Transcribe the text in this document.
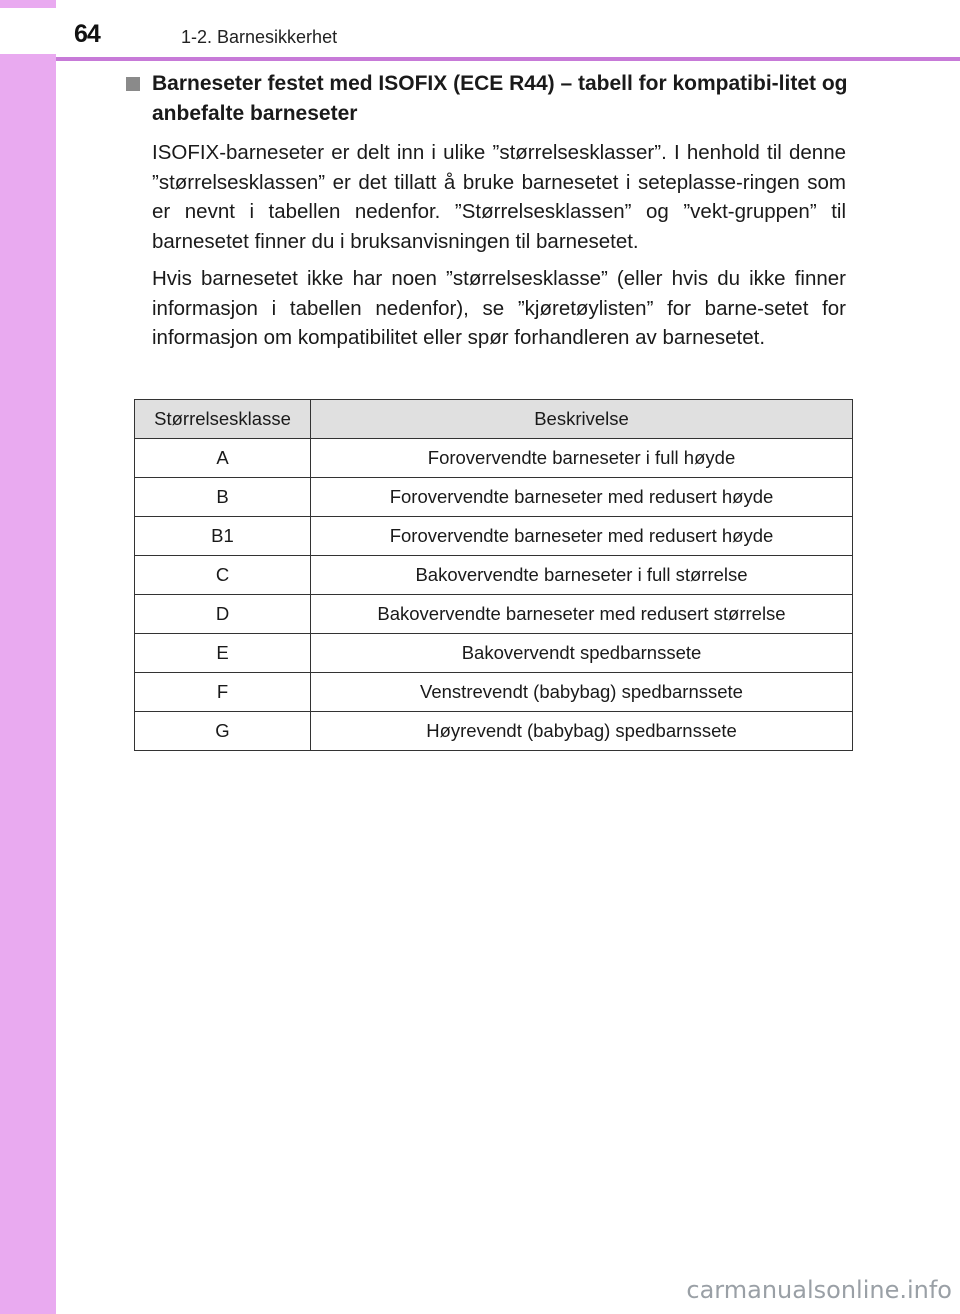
64	1-2. Barnesikkerhet
Barneseter festet med ISOFIX (ECE R44) – tabell for kompatibi-litet og anbefalte barneseter

ISOFIX-barneseter er delt inn i ulike ”størrelsesklasser”. I henhold til denne ”størrelsesklassen” er det tillatt å bruke barnesetet i seteplasse-ringen som er nevnt i tabellen nedenfor. ”Størrelsesklassen” og ”vekt-gruppen” til barnesetet finner du i bruksanvisningen til barnesetet.

Hvis barnesetet ikke har noen ”størrelsesklasse” (eller hvis du ikke finner informasjon i tabellen nedenfor), se ”kjøretøylisten” for barne-setet for informasjon om kompatibilitet eller spør forhandleren av barnesetet.

Størrelsesklasse	Beskrivelse
A	Forovervendte barneseter i full høyde
B	Forovervendte barneseter med redusert høyde
B1	Forovervendte barneseter med redusert høyde
C	Bakovervendte barneseter i full størrelse
D	Bakovervendte barneseter med redusert størrelse
E	Bakovervendt spedbarnssete
F	Venstrevendt (babybag) spedbarnssete
G	Høyrevendt (babybag) spedbarnssete
carmanualsonline.info
